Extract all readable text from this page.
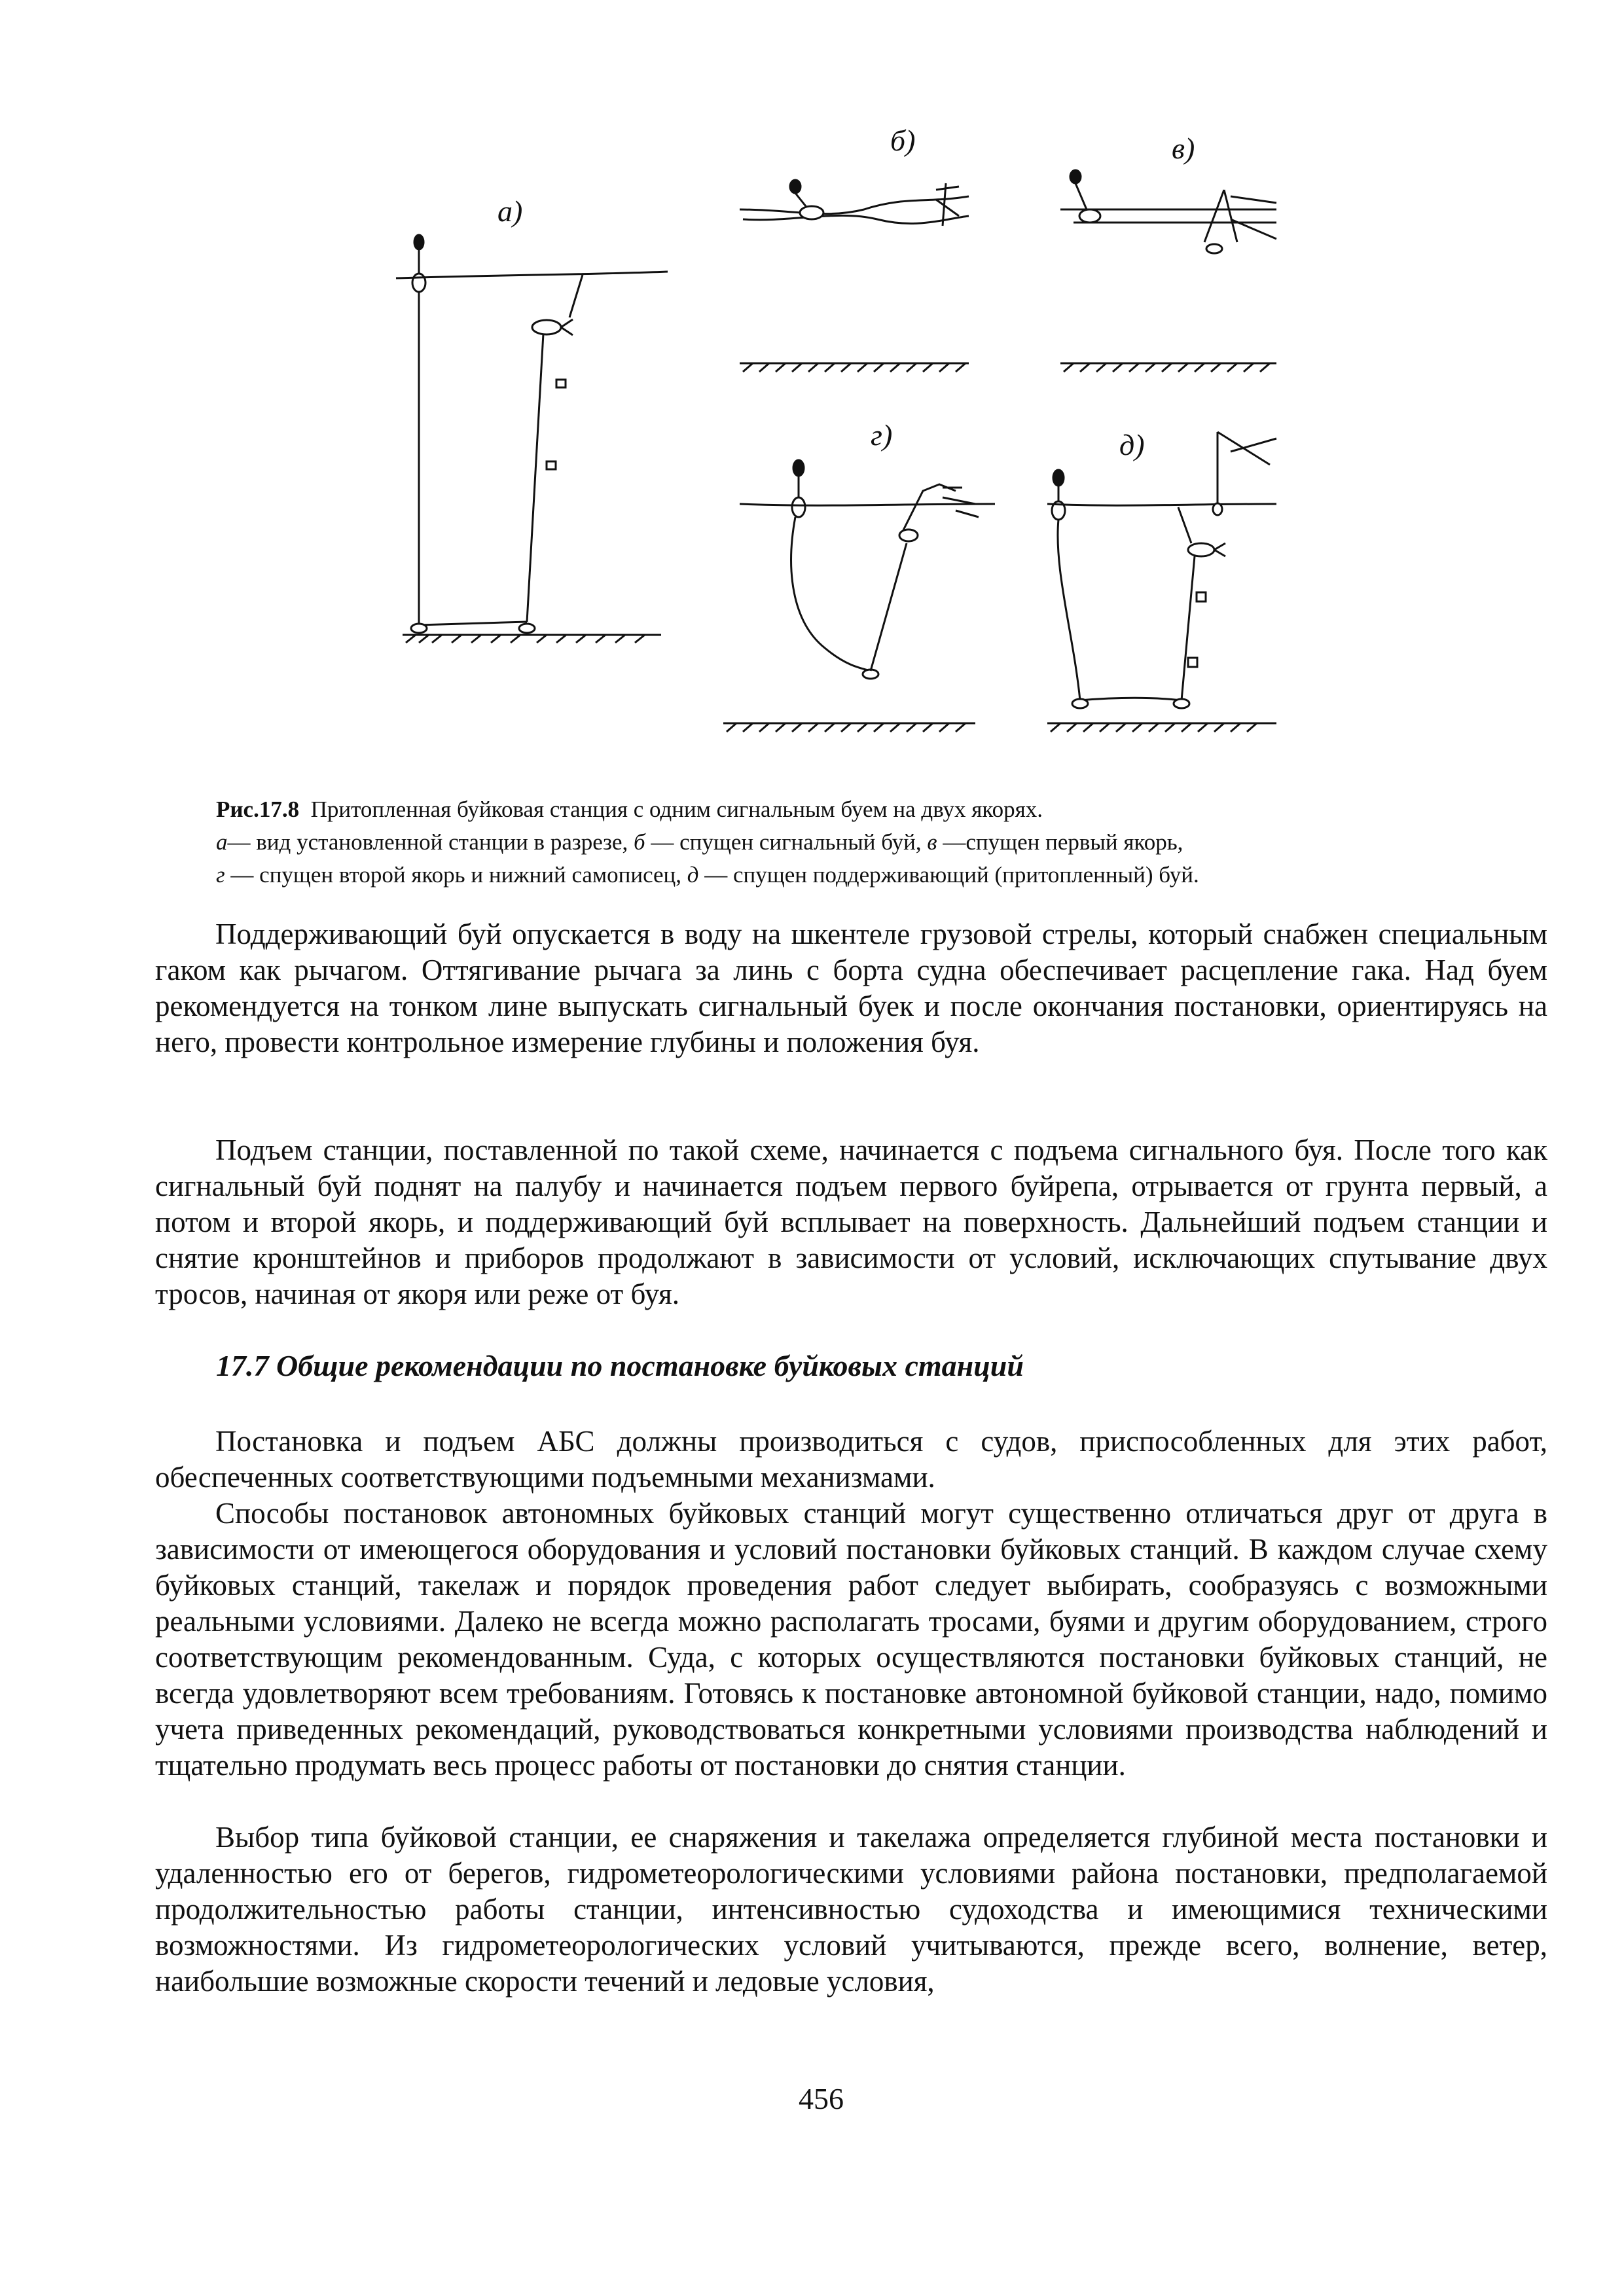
а)
б)	в)
г)	д)
Рис.17.8 Притопленная буйковая станция с одним сигнальным буем на двух якорях.
а— вид установленной станции в разрезе, б — спущен сигнальный буй, в —спущен первый якорь,
г — спущен второй якорь и нижний самописец, д — спущен поддерживающий (притопленный) буй.

Поддерживающий буй опускается в воду на шкентеле грузовой стрелы, который снабжен специальным гаком как рычагом. Оттягивание рычага за линь с борта судна обеспечивает расцепление гака. Над буем рекомендуется на тонком лине выпускать сигнальный буек и после окончания постановки, ориентируясь на него, провести контрольное измерение глубины и положения буя.

Подъем станции, поставленной по такой схеме, начинается с подъема сигнального буя. После того как сигнальный буй поднят на палубу и начинается подъем первого буйрепа, отрывается от грунта первый, а потом и второй якорь, и поддерживающий буй всплывает на поверхность. Дальнейший подъем станции и снятие кронштейнов и приборов продолжают в зависимости от условий, исключающих спутывание двух тросов, начиная от якоря или реже от буя.

17.7 Общие рекомендации по постановке буйковых станций

Постановка и подъем АБС должны производиться с судов, приспособленных для этих работ, обеспеченных соответствующими подъемными механизмами.

Способы постановок автономных буйковых станций могут существенно отличаться друг от друга в зависимости от имеющегося оборудования и условий постановки буйковых станций. В каждом случае схему буйковых станций, такелаж и порядок проведения работ следует выбирать, сообразуясь с возможными реальными условиями. Далеко не всегда можно располагать тросами, буями и другим оборудованием, строго соответствующим рекомендованным. Суда, с которых осуществляются постановки буйковых станций, не всегда удовлетворяют всем требованиям. Готовясь к постановке автономной буйковой станции, надо, помимо учета приведенных рекомендаций, руководствоваться конкретными условиями производства наблюдений и тщательно продумать весь процесс работы от постановки до снятия станции.

Выбор типа буйковой станции, ее снаряжения и такелажа определяется глубиной места постановки и удаленностью его от берегов, гидрометеорологическими условиями района постановки, предполагаемой продолжительностью работы станции, интенсивностью судоходства и имеющимися техническими возможностями. Из гидрометеорологических условий учитываются, прежде всего, волнение, ветер, наибольшие возможные скорости течений и ледовые условия,

456
